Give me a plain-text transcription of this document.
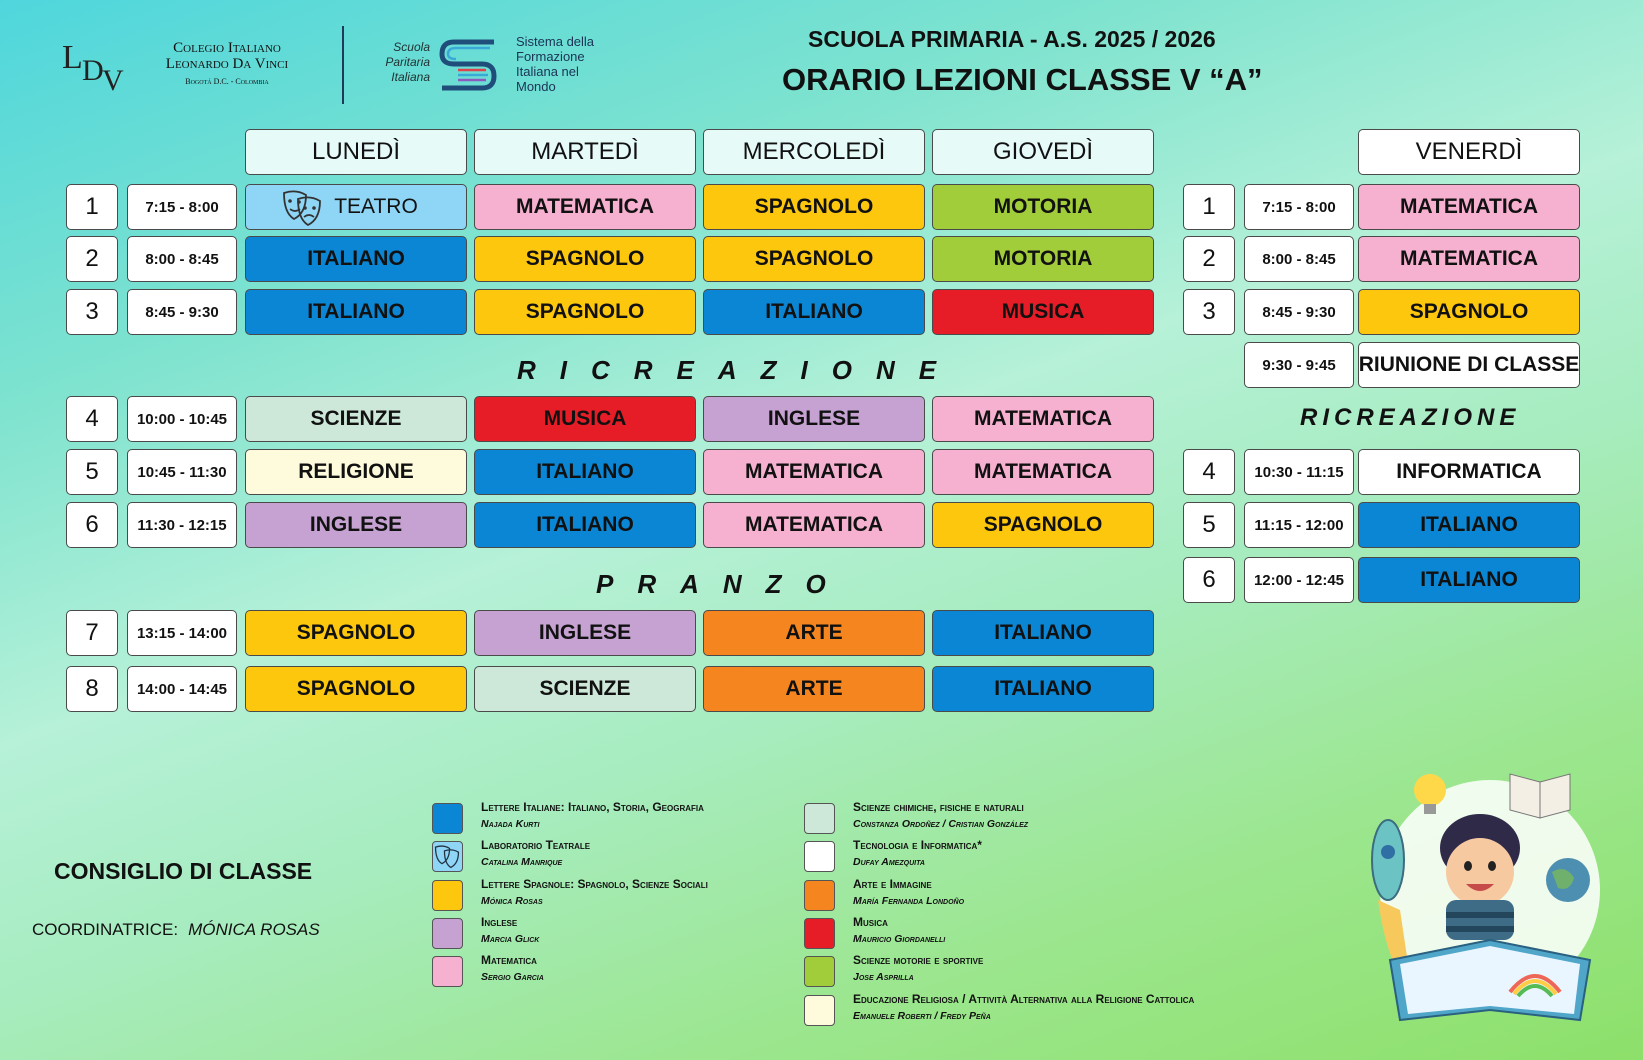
SCUOLA PRIMARIA - A.S. 2025 / 2026
ORARIO LEZIONI CLASSE V “A”
L D
V
Colegio Italiano
Leonardo Da Vinci
Bogotá D.C. - Colombia
Scuola
Paritaria
Italiana
Sistema della
Formazione
Italiana nel
Mondo
LUNEDÌ	MARTEDÌ	MERCOLEDÌ	GIOVEDÌ	VENERDÌ
1	7:15 - 8:00	TEATRO	MATEMATICA	SPAGNOLO	MOTORIA
2	8:00 - 8:45	ITALIANO	SPAGNOLO	SPAGNOLO	MOTORIA
3	8:45 - 9:30	ITALIANO	SPAGNOLO	ITALIANO	MUSICA
4	10:00 - 10:45	SCIENZE	MUSICA	INGLESE	MATEMATICA
5	10:45 - 11:30	RELIGIONE	ITALIANO	MATEMATICA	MATEMATICA
6	11:30 - 12:15	INGLESE	ITALIANO	MATEMATICA	SPAGNOLO
7	13:15 - 14:00	SPAGNOLO	INGLESE	ARTE	ITALIANO
8	14:00 - 14:45	SPAGNOLO	SCIENZE	ARTE	ITALIANO
RICREAZIONE
PRANZO
RICREAZIONE
1	7:15 - 8:00	MATEMATICA
2	8:00 - 8:45	MATEMATICA
3	8:45 - 9:30	SPAGNOLO
9:30 - 9:45	RIUNIONE DI CLASSE
4	10:30 - 11:15	INFORMATICA
5	11:15 - 12:00	ITALIANO
6	12:00 - 12:45	ITALIANO
Lettere Italiane: Italiano, Storia, Geografia
Najada Kurti
Laboratorio Teatrale
Catalina Manrique
Lettere Spagnole: Spagnolo, Scienze Sociali
Mónica Rosas
Inglese
Marcia Glick
Matematica
Sergio Garcia
Scienze chimiche, fisiche e naturali
Constanza Ordoñez / Cristian González
Tecnologia e Informatica*
Dufay Amezquita
Arte e Immagine
María Fernanda Londoño
Musica
Mauricio Giordanelli
Scienze motorie e sportive
Jose Asprilla
Educazione Religiosa / Attività Alternativa alla Religione Cattolica
Emanuele Roberti / Fredy Peña
CONSIGLIO DI CLASSE
COORDINATRICE: MÓNICA ROSAS
